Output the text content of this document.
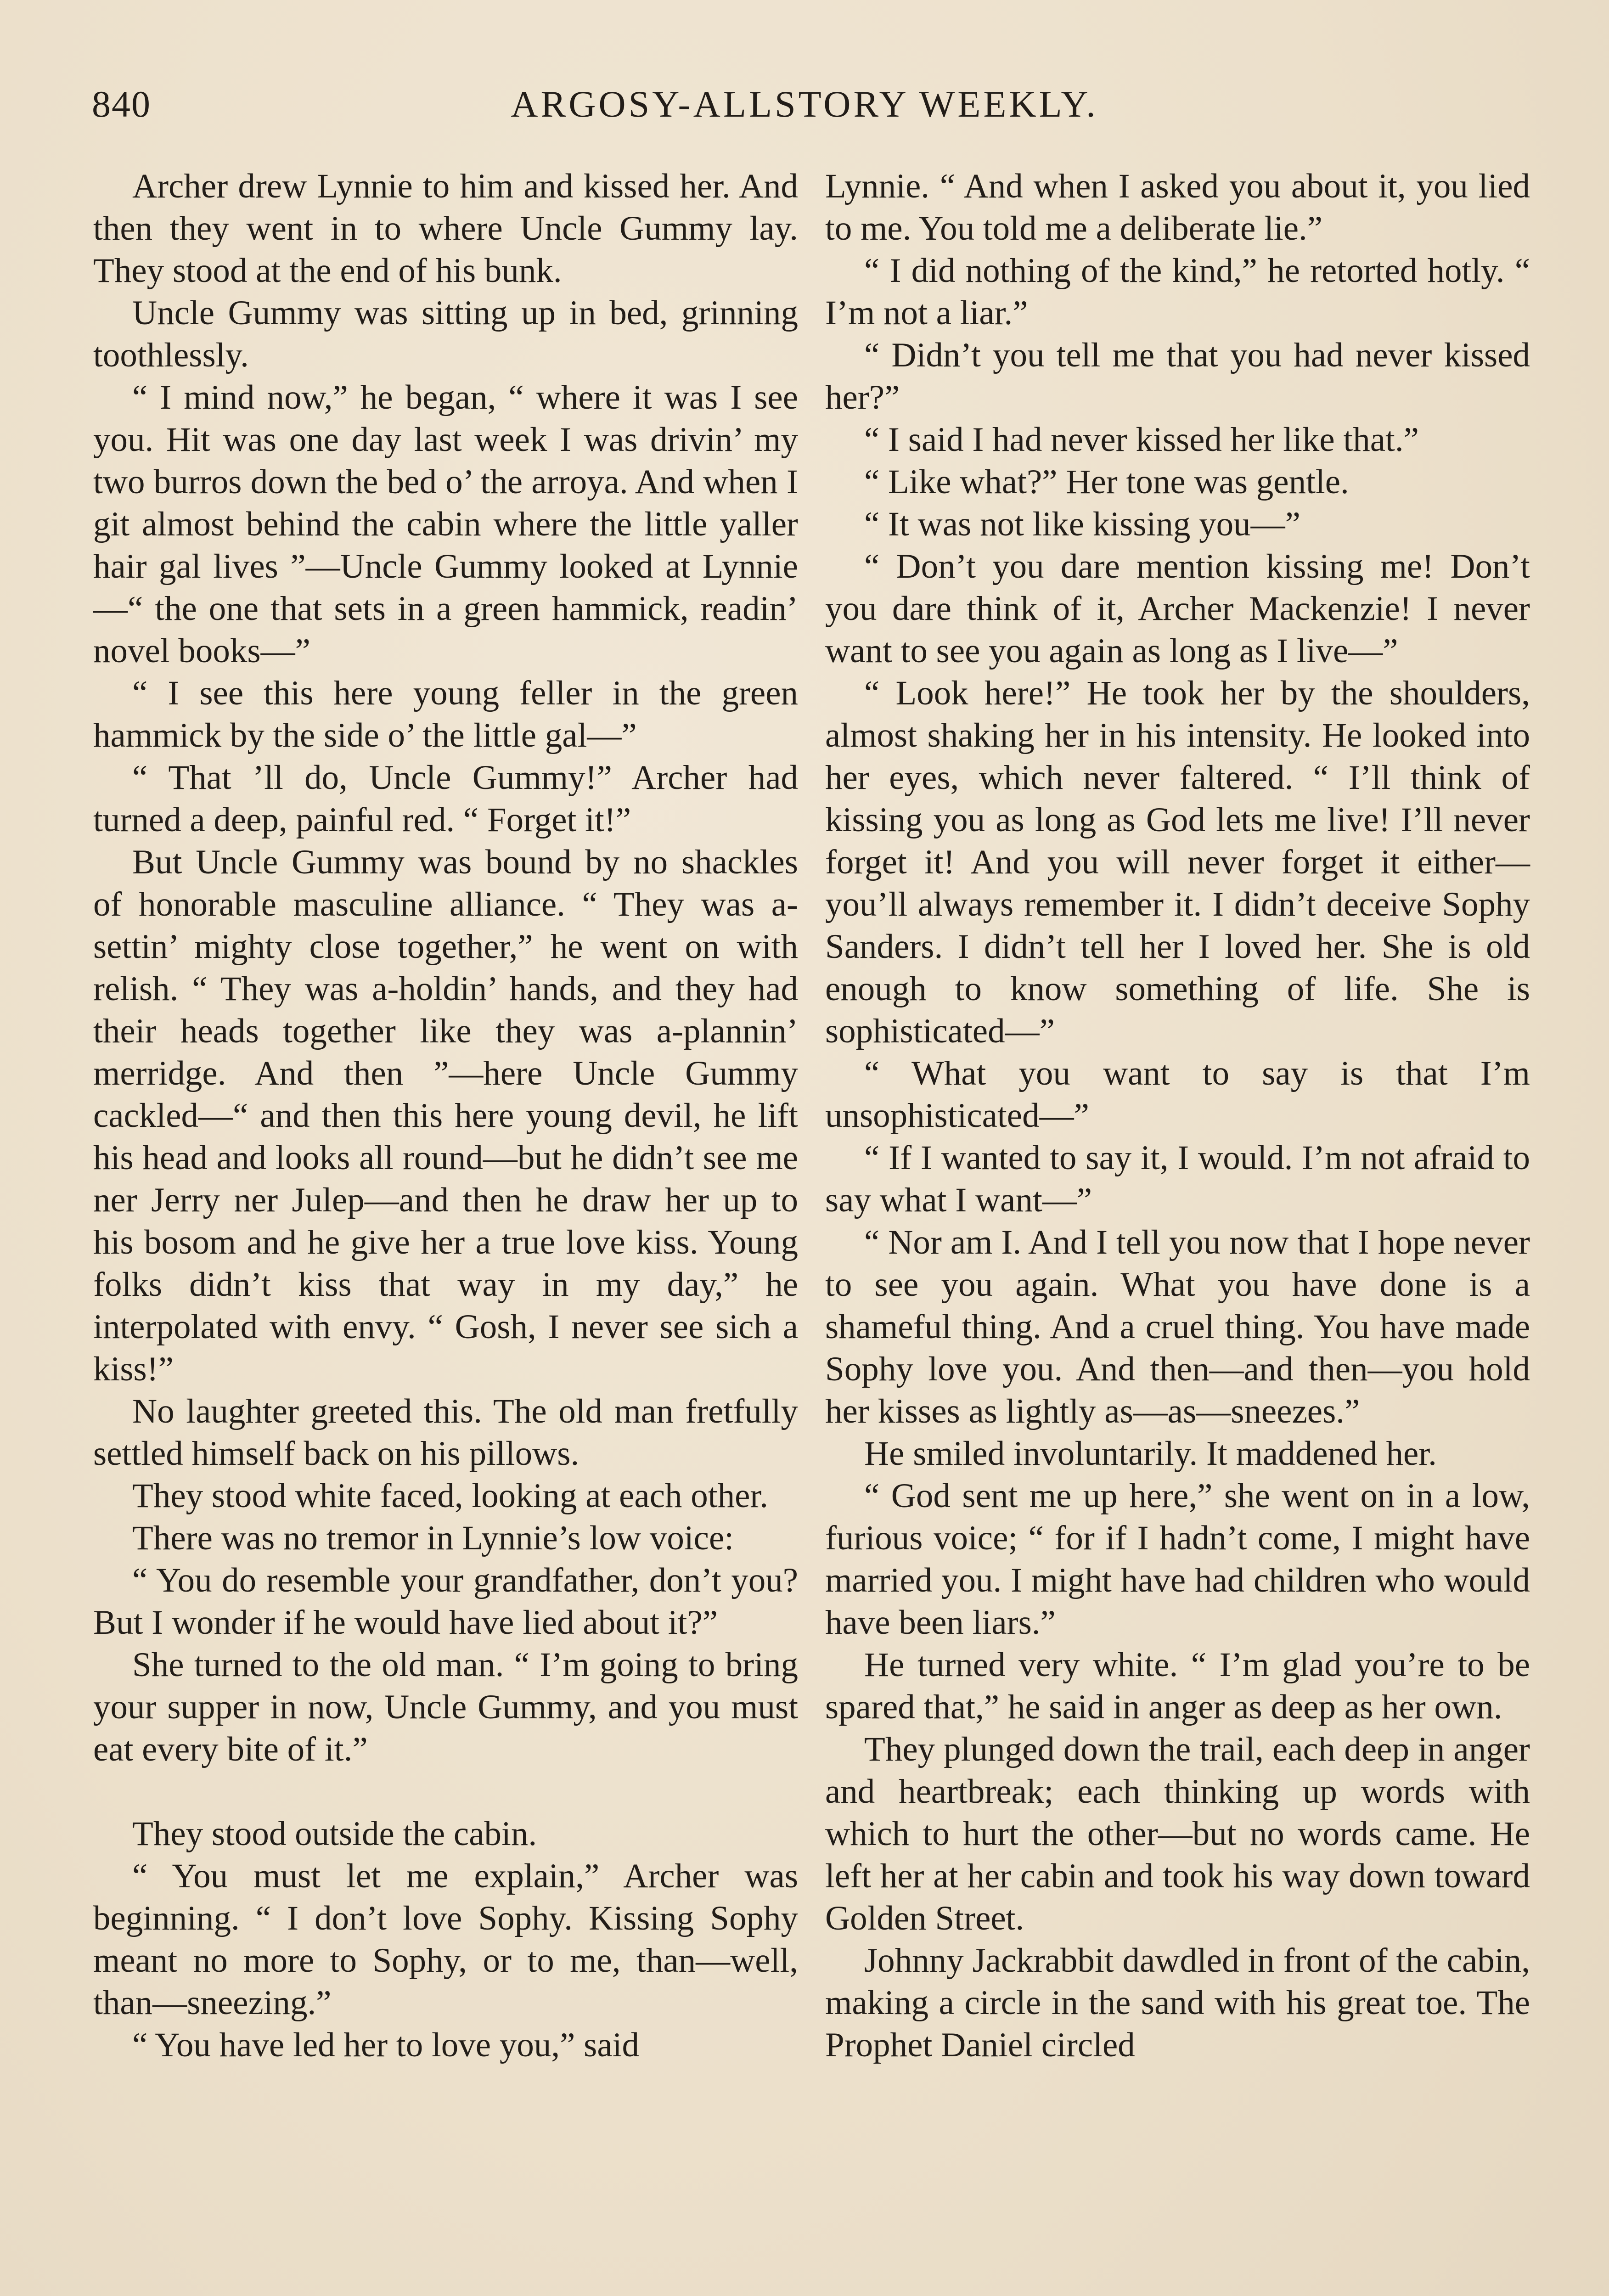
840	ARGOSY-ALLSTORY WEEKLY.

Archer drew Lynnie to him and kissed her. And then they went in to where Uncle Gummy lay. They stood at the end of his bunk.

Uncle Gummy was sitting up in bed, grinning toothlessly.

“ I mind now,” he began, “ where it was I see you. Hit was one day last week I was drivin’ my two burros down the bed o’ the arroya. And when I git almost behind the cabin where the little yaller hair gal lives ”—Uncle Gummy looked at Lynnie—“ the one that sets in a green hammick, readin’ novel books—”

“ I see this here young feller in the green hammick by the side o’ the little gal—”

“ That ’ll do, Uncle Gummy!” Archer had turned a deep, painful red. “ Forget it!”

But Uncle Gummy was bound by no shackles of honorable masculine alliance. “ They was a-settin’ mighty close together,” he went on with relish. “ They was a-holdin’ hands, and they had their heads together like they was a-plannin’ merridge. And then ”—here Uncle Gummy cackled—“ and then this here young devil, he lift his head and looks all round—but he didn’t see me ner Jerry ner Julep—and then he draw her up to his bosom and he give her a true love kiss. Young folks didn’t kiss that way in my day,” he interpolated with envy. “ Gosh, I never see sich a kiss!”

No laughter greeted this. The old man fretfully settled himself back on his pillows.

They stood white faced, looking at each other.

There was no tremor in Lynnie’s low voice:

“ You do resemble your grandfather, don’t you? But I wonder if he would have lied about it?”

She turned to the old man. “ I’m going to bring your supper in now, Uncle Gummy, and you must eat every bite of it.”

They stood outside the cabin.

“ You must let me explain,” Archer was beginning. “ I don’t love Sophy. Kissing Sophy meant no more to Sophy, or to me, than—well, than—sneezing.”

“ You have led her to love you,” said

Lynnie. “ And when I asked you about it, you lied to me. You told me a deliberate lie.”

“ I did nothing of the kind,” he retorted hotly. “ I’m not a liar.”

“ Didn’t you tell me that you had never kissed her?”

“ I said I had never kissed her like that.”

“ Like what?” Her tone was gentle.

“ It was not like kissing you—”

“ Don’t you dare mention kissing me! Don’t you dare think of it, Archer Mackenzie! I never want to see you again as long as I live—”

“ Look here!” He took her by the shoulders, almost shaking her in his intensity. He looked into her eyes, which never faltered. “ I’ll think of kissing you as long as God lets me live! I’ll never forget it! And you will never forget it either—you’ll always remember it. I didn’t deceive Sophy Sanders. I didn’t tell her I loved her. She is old enough to know something of life. She is sophisticated—”

“ What you want to say is that I’m unsophisticated—”

“ If I wanted to say it, I would. I’m not afraid to say what I want—”

“ Nor am I. And I tell you now that I hope never to see you again. What you have done is a shameful thing. And a cruel thing. You have made Sophy love you. And then—and then—you hold her kisses as lightly as—as—sneezes.”

He smiled involuntarily. It maddened her.

“ God sent me up here,” she went on in a low, furious voice; “ for if I hadn’t come, I might have married you. I might have had children who would have been liars.”

He turned very white. “ I’m glad you’re to be spared that,” he said in anger as deep as her own.

They plunged down the trail, each deep in anger and heartbreak; each thinking up words with which to hurt the other—but no words came. He left her at her cabin and took his way down toward Golden Street.

Johnny Jackrabbit dawdled in front of the cabin, making a circle in the sand with his great toe. The Prophet Daniel circled
